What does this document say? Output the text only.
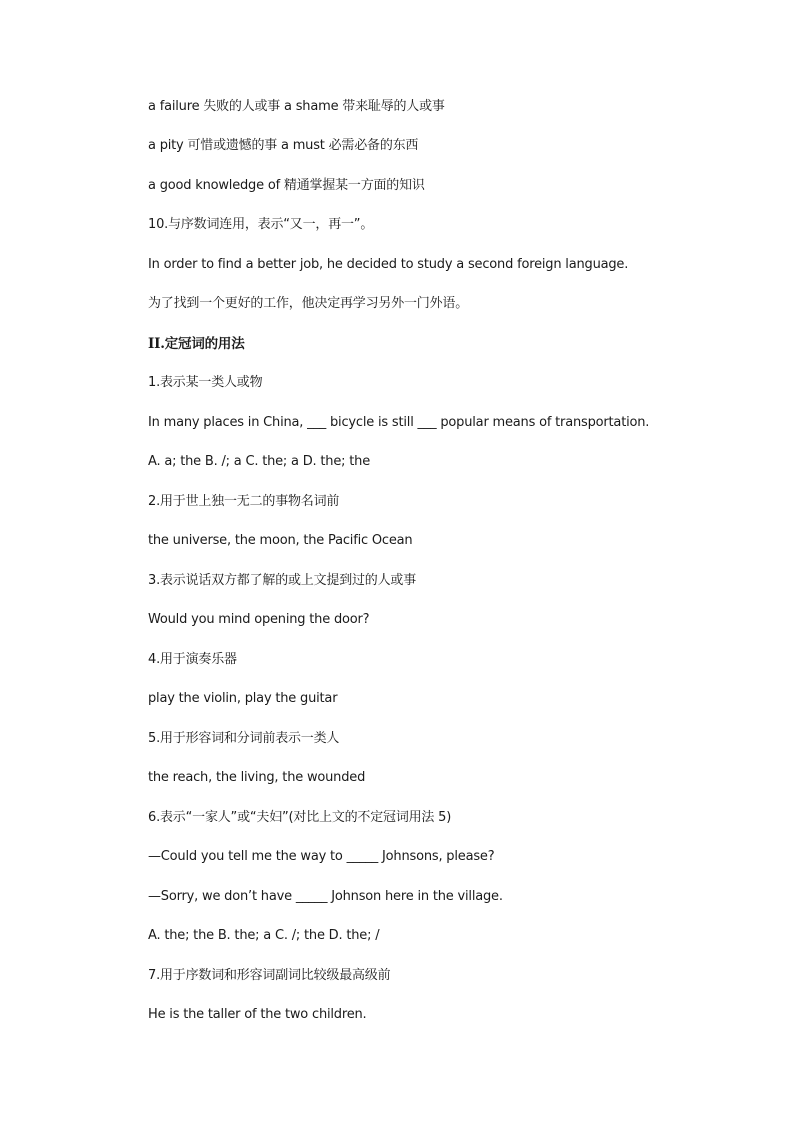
a failure 失败的人或事 a shame 带来耻辱的人或事
a pity 可惜或遗憾的事 a must 必需必备的东西
a good knowledge of 精通掌握某一方面的知识
10.与序数词连用，表示“又一，再一”。
In order to find a better job, he decided to study a second foreign language.
为了找到一个更好的工作，他决定再学习另外一门外语。
II.定冠词的用法
1.表示某一类人或物
In many places in China, ___ bicycle is still ___ popular means of transportation.
A. a; the B. /; a C. the; a D. the; the
2.用于世上独一无二的事物名词前
the universe, the moon, the Pacific Ocean
3.表示说话双方都了解的或上文提到过的人或事
Would you mind opening the door?
4.用于演奏乐器
play the violin, play the guitar
5.用于形容词和分词前表示一类人
the reach, the living, the wounded
6.表示“一家人”或“夫妇”(对比上文的不定冠词用法 5)
—Could you tell me the way to _____ Johnsons, please?
—Sorry, we don’t have _____ Johnson here in the village.
A. the; the B. the; a C. /; the D. the; /
7.用于序数词和形容词副词比较级最高级前
He is the taller of the two children.
